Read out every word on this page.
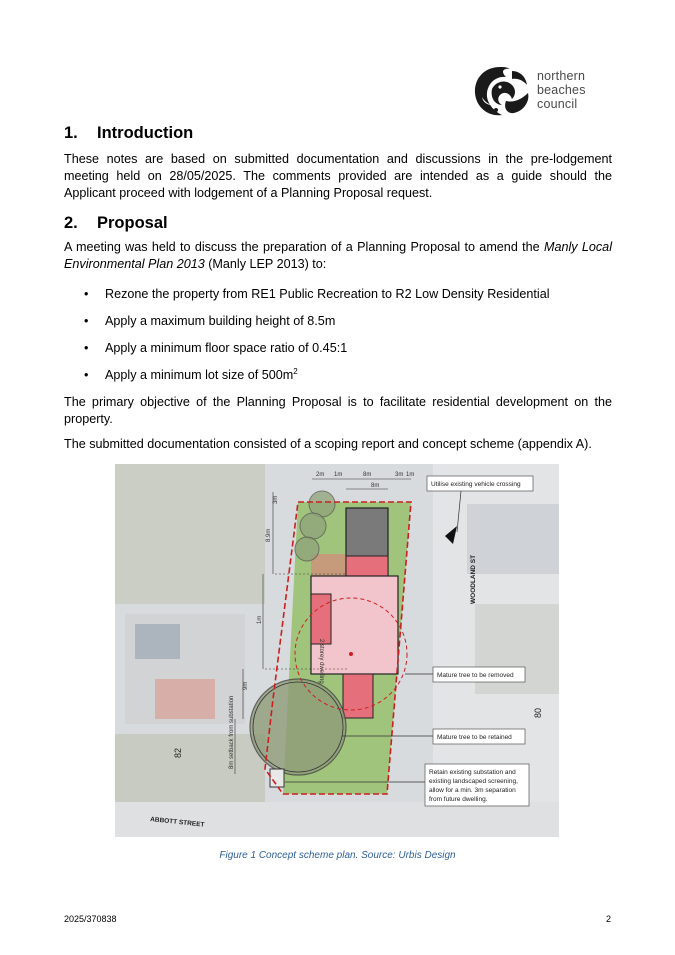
northern
beaches
council
1. Introduction

These notes are based on submitted documentation and discussions in the pre-lodgement meeting held on 28/05/2025. The comments provided are intended as a guide should the Applicant proceed with lodgement of a Planning Proposal request.

2. Proposal

A meeting was held to discuss the preparation of a Planning Proposal to amend the Manly Local Environmental Plan 2013 (Manly LEP 2013) to:

• Rezone the property from RE1 Public Recreation to R2 Low Density Residential
• Apply a maximum building height of 8.5m
• Apply a minimum floor space ratio of 0.45:1
• Apply a minimum lot size of $500m^2$

The primary objective of the Planning Proposal is to facilitate residential development on the property.

The submitted documentation consisted of a scoping report and concept scheme (appendix A).

2 storey dwelling
2m 1m	8m
8m
3m 1m
8.9m
3m
1m
9m
8m setback from substation
82
80
WOODLAND ST
ABBOTT STREET
Utilise existing vehicle crossing
Mature tree to be removed
Mature tree to be retained
Retain existing substation and
existing landscaped screening,
allow for a min. 3m separation
from future dwelling.
Figure 1 Concept scheme plan. Source: Urbis Design
2025/370838	2
